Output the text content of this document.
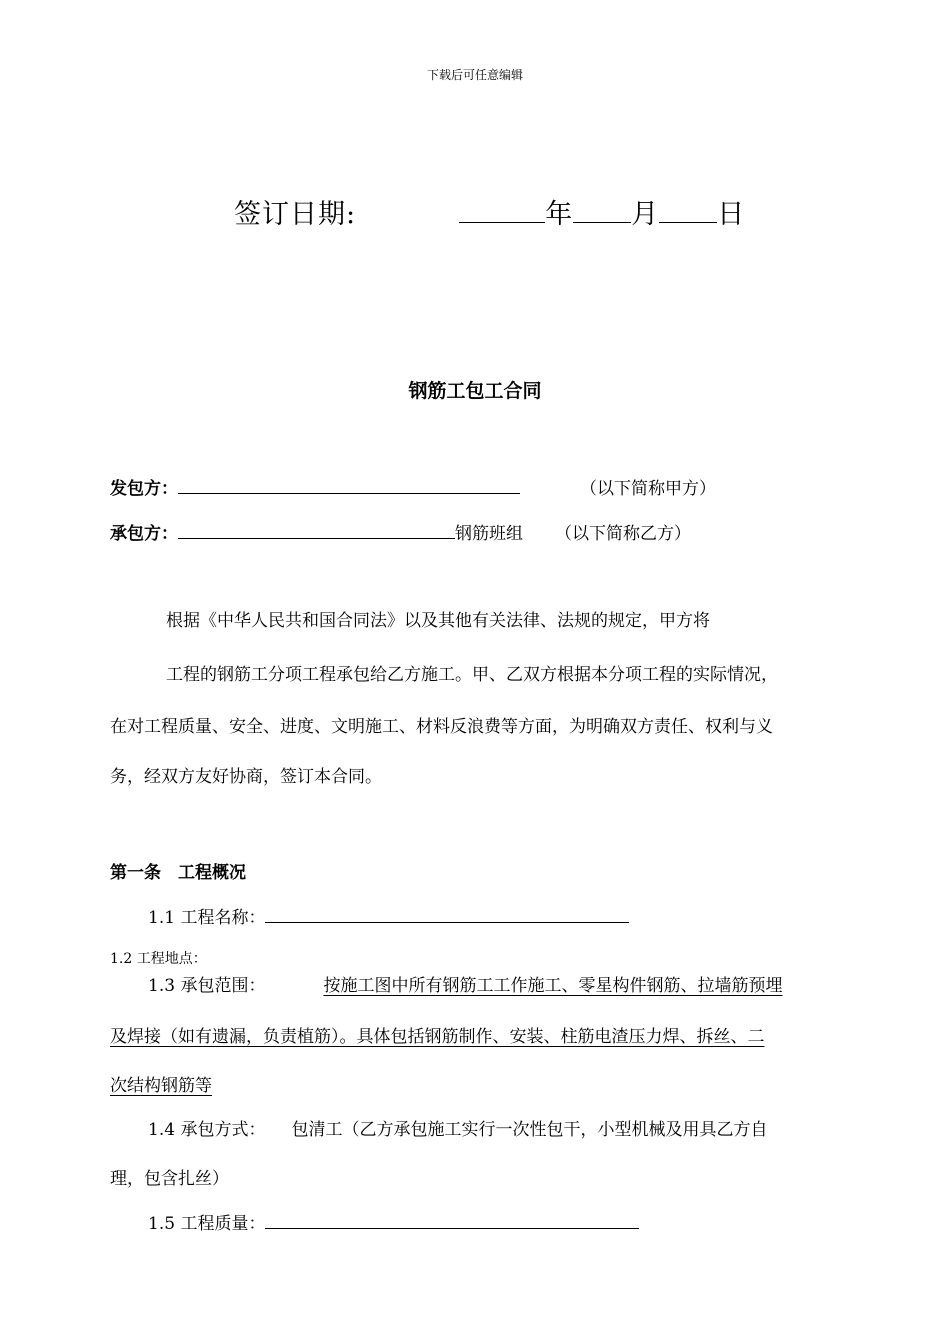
下载后可任意编辑
签订日期:	年 月 日
钢筋工包工合同
发包方：	（以下简称甲方）
承包方：	钢筋班组 （以下简称乙方）
根据《中华人民共和国合同法》以及其他有关法律、法规的规定，甲方将
工程的钢筋工分项工程承包给乙方施工。甲、乙双方根据本分项工程的实际情况，
在对工程质量、安全、进度、文明施工、材料反浪费等方面，为明确双方责任、权利与义
务，经双方友好协商，签订本合同。
第一条　工程概况
1.1 工程名称：
1.2 工程地点：
1.3 承包范围：	按施工图中所有钢筋工工作施工、零星构件钢筋、拉墙筋预埋
及焊接（如有遗漏，负责植筋）。具体包括钢筋制作、安装、柱筋电渣压力焊、拆丝、二
次结构钢筋等
1.4 承包方式： 包清工（乙方承包施工实行一次性包干，小型机械及用具乙方自
理，包含扎丝）
1.5 工程质量：
